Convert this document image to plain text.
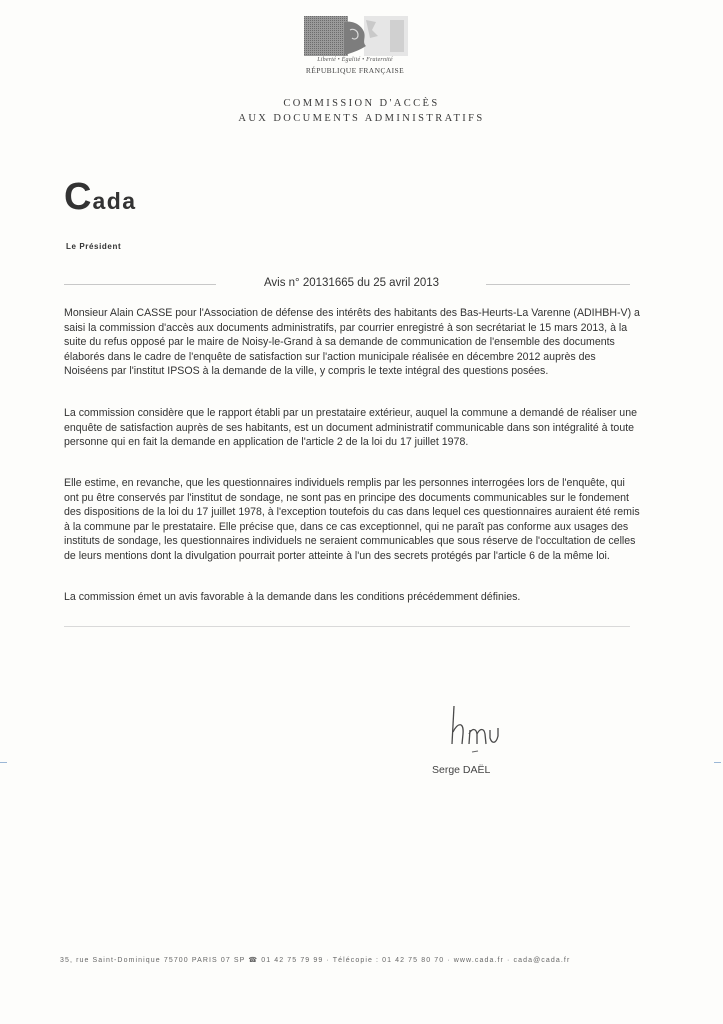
Liberté • Égalité • Fraternité
RÉPUBLIQUE FRANÇAISE
COMMISSION D'ACCÈS
AUX DOCUMENTS ADMINISTRATIFS
Cada
Le Président
Avis n° 20131665 du 25 avril 2013
Monsieur Alain CASSE pour l'Association de défense des intérêts des habitants des Bas-Heurts-La Varenne (ADIHBH-V) a saisi la commission d'accès aux documents administratifs, par courrier enregistré à son secrétariat le 15 mars 2013, à la suite du refus opposé par le maire de Noisy-le-Grand à sa demande de communication de l'ensemble des documents élaborés dans le cadre de l'enquête de satisfaction sur l'action municipale réalisée en décembre 2012 auprès des Noiséens par l'institut IPSOS à la demande de la ville, y compris le texte intégral des questions posées.
La commission considère que le rapport établi par un prestataire extérieur, auquel la commune a demandé de réaliser une enquête de satisfaction auprès de ses habitants, est un document administratif communicable dans son intégralité à toute personne qui en fait la demande en application de l'article 2 de la loi du 17 juillet 1978.
Elle estime, en revanche, que les questionnaires individuels remplis par les personnes interrogées lors de l'enquête, qui ont pu être conservés par l'institut de sondage, ne sont pas en principe des documents communicables sur le fondement des dispositions de la loi du 17 juillet 1978, à l'exception toutefois du cas dans lequel ces questionnaires auraient été remis à la commune par le prestataire. Elle précise que, dans ce cas exceptionnel, qui ne paraît pas conforme aux usages des instituts de sondage, les questionnaires individuels ne seraient communicables que sous réserve de l'occultation de celles de leurs mentions dont la divulgation pourrait porter atteinte à l'un des secrets protégés par l'article 6 de la même loi.
La commission émet un avis favorable à la demande dans les conditions précédemment définies.
Serge DAËL
35, rue Saint-Dominique 75700 PARIS 07 SP ☎ 01 42 75 79 99 · Télécopie : 01 42 75 80 70 · www.cada.fr · cada@cada.fr
